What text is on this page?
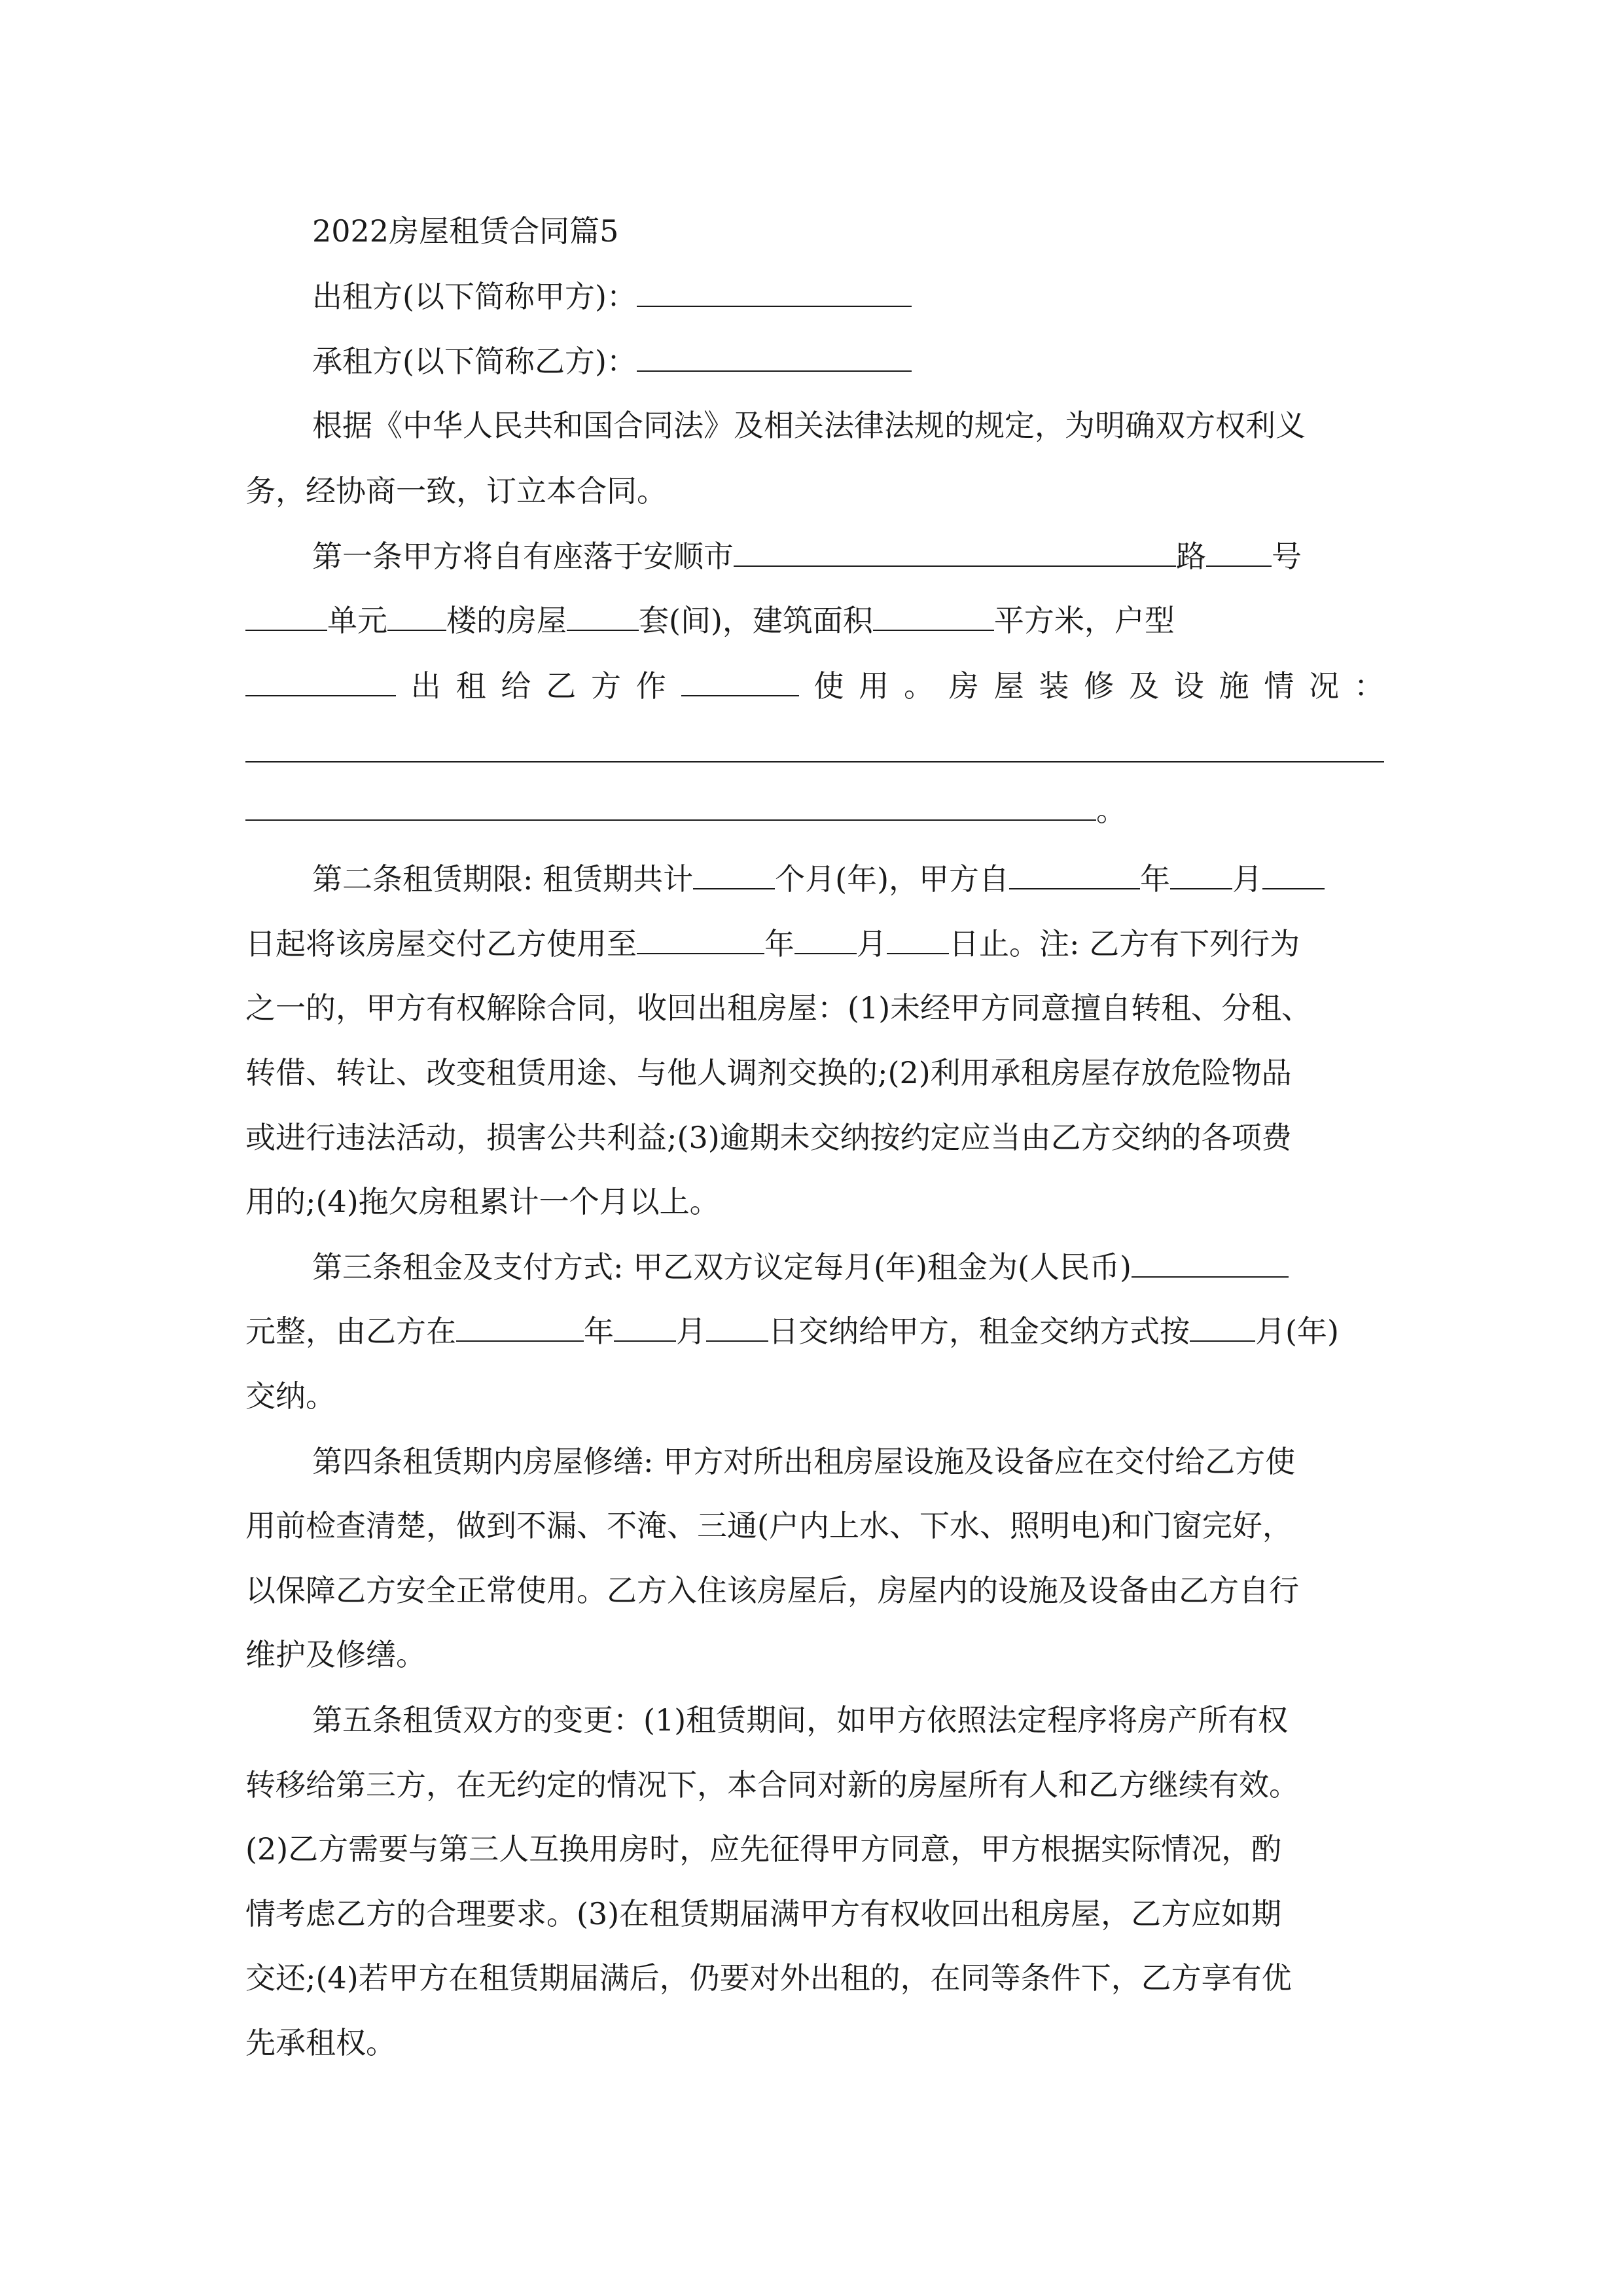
2022房屋租赁合同篇5
出租方(以下简称甲方)：
承租方(以下简称乙方)：
根据《中华人民共和国合同法》及相关法律法规的规定，为明确双方权利义
务，经协商一致，订立本合同。
第一条甲方将自有座落于安顺市	路 号
单元 楼的房屋 套(间)，建筑面积	平方米，户型
出 租 给 乙 方 作	使 用 。 房 屋 装 修 及 设 施 情 况 ：
。
第二条租赁期限: 租赁期共计	个月(年)，甲方自	年 月
日起将该房屋交付乙方使用至	年 月 日止。注: 乙方有下列行为
之一的，甲方有权解除合同，收回出租房屋：(1)未经甲方同意擅自转租、分租、
转借、转让、改变租赁用途、与他人调剂交换的;(2)利用承租房屋存放危险物品
或进行违法活动，损害公共利益;(3)逾期未交纳按约定应当由乙方交纳的各项费
用的;(4)拖欠房租累计一个月以上。
第三条租金及支付方式: 甲乙双方议定每月(年)租金为(人民币)
元整，由乙方在	年 月 日交纳给甲方，租金交纳方式按 月(年)
交纳。
第四条租赁期内房屋修缮: 甲方对所出租房屋设施及设备应在交付给乙方使
用前检查清楚，做到不漏、不淹、三通(户内上水、下水、照明电)和门窗完好，
以保障乙方安全正常使用。乙方入住该房屋后，房屋内的设施及设备由乙方自行
维护及修缮。
第五条租赁双方的变更：(1)租赁期间，如甲方依照法定程序将房产所有权
转移给第三方，在无约定的情况下，本合同对新的房屋所有人和乙方继续有效。
(2)乙方需要与第三人互换用房时，应先征得甲方同意，甲方根据实际情况，酌
情考虑乙方的合理要求。(3)在租赁期届满甲方有权收回出租房屋，乙方应如期
交还;(4)若甲方在租赁期届满后，仍要对外出租的，在同等条件下，乙方享有优
先承租权。
